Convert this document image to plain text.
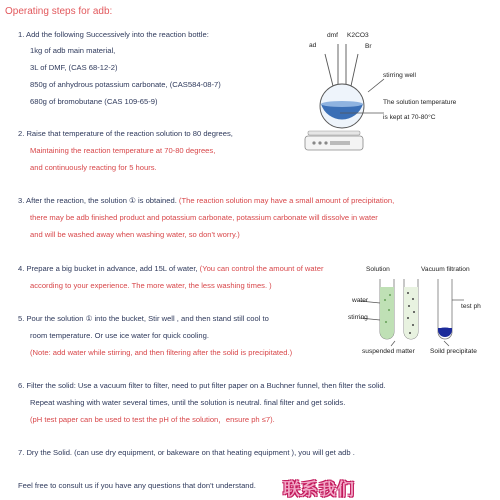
Operating steps for adb:
1. Add the following Successively into the reaction bottle:
1kg of adb main material,
3L of DMF, (CAS 68-12-2)
850g of anhydrous potassium carbonate, (CAS584-08-7)
680g of bromobutane (CAS 109-65-9)
2. Raise that temperature of the reaction solution to 80 degrees,
Maintaining the reaction temperature at 70-80 degrees,
and continuously reacting for 5 hours.
3. After the reaction, the solution ① is obtained. (The reaction solution may have a small amount of precipitation,
there may be adb finished product and potassium carbonate, potassium carbonate will dissolve in water
and will be washed away when washing water, so don't worry.)
4. Prepare a big bucket in advance, add 15L of water, (You can control the amount of water
according to your experience. The more water, the less washing times. )
5. Pour the solution ① into the bucket, Stir well , and then stand still cool to
room temperature. Or use ice water for quick cooling.
(Note: add water while stirring, and then filtering after the solid is precipitated.)
6. Filter the solid: Use a vacuum filter to filter, need to put filter paper on a Buchner funnel, then filter the solid.
Repeat washing with water several times, until the solution is neutral. final filter and get solids.
(pH test paper can be used to test the pH of the solution，ensure ph ≤7).
7. Dry the Solid. (can use dry equipment, or bakeware on that heating equipment ), you will get adb .
Feel free to consult us if you have any questions that don't understand. 联系我们
dmf K2CO3
ad	Br
stirring well
The solution temperature
is kept at 70-80°C
Solution	Vacuum filtration
water
stirring
test ph
suspended matter Soild precipitate
